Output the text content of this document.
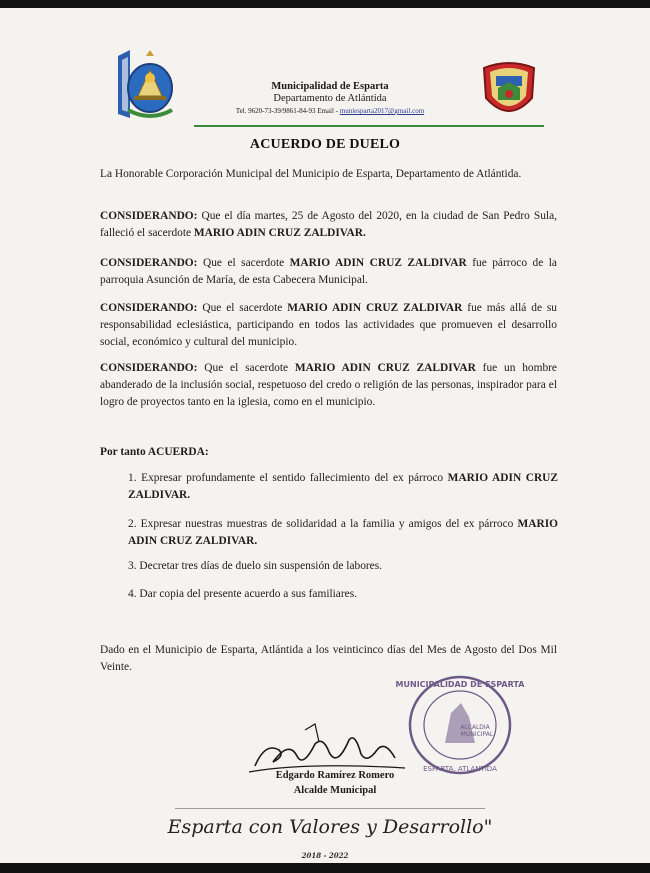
Municipalidad de Esparta
Departamento de Atlántida
Tel. 9620-73-39/9861-84-93 Email - muniesparta2017@gmail.com
ACUERDO DE DUELO
La Honorable Corporación Municipal del Municipio de Esparta, Departamento de Atlántida.
CONSIDERANDO: Que el día martes, 25 de Agosto del 2020, en la ciudad de San Pedro Sula, falleció el sacerdote MARIO ADIN CRUZ ZALDIVAR.
CONSIDERANDO: Que el sacerdote MARIO ADIN CRUZ ZALDIVAR fue párroco de la parroquia Asunción de María, de esta Cabecera Municipal.
CONSIDERANDO: Que el sacerdote MARIO ADIN CRUZ ZALDIVAR fue más allá de su responsabilidad eclesiástica, participando en todos las actividades que promueven el desarrollo social, económico y cultural del municipio.
CONSIDERANDO: Que el sacerdote MARIO ADIN CRUZ ZALDIVAR fue un hombre abanderado de la inclusión social, respetuoso del credo o religión de las personas, inspirador para el logro de proyectos tanto en la iglesia, como en el municipio.
Por tanto ACUERDA:
1. Expresar profundamente el sentido fallecimiento del ex párroco MARIO ADIN CRUZ ZALDIVAR.
2. Expresar nuestras muestras de solidaridad a la familia y amigos del ex párroco MARIO ADIN CRUZ ZALDIVAR.
3. Decretar tres días de duelo sin suspensión de labores.
4. Dar copia del presente acuerdo a sus familiares.
Dado en el Municipio de Esparta, Atlántida a los veinticinco días del Mes de Agosto del Dos Mil Veinte.
MUNICIPALIDAD DE ESPARTA
ESPARTA, ATLANTIDA
ALCALDIA
MUNICIPAL
Edgardo Ramírez Romero
Alcalde Municipal
Esparta con Valores y Desarrollo"
2018 - 2022
